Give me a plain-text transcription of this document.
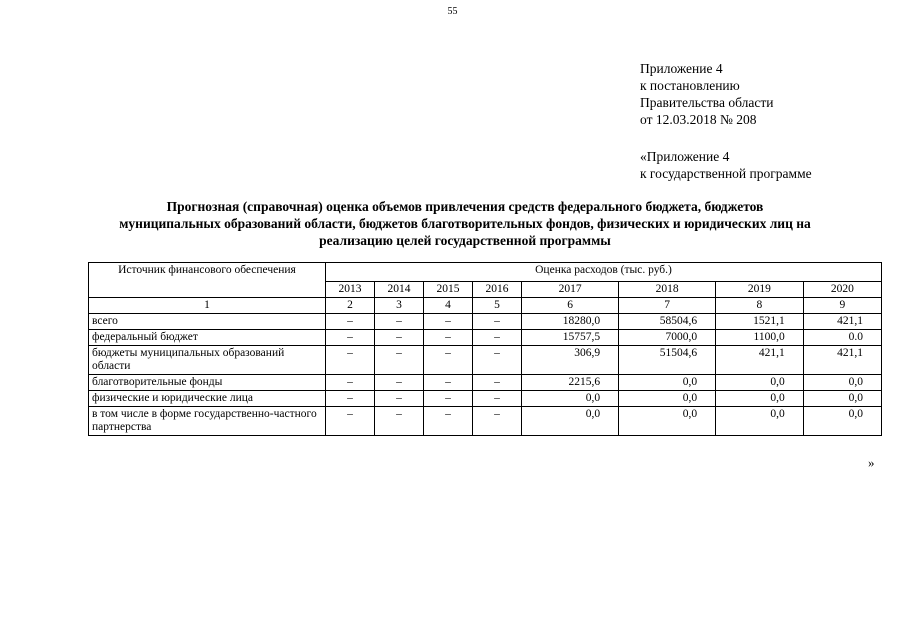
55
Приложение 4
к постановлению
Правительства области
от 12.03.2018 № 208
«Приложение 4
к государственной программе
Прогнозная (справочная) оценка объемов привлечения средств федерального бюджета, бюджетов
муниципальных образований области, бюджетов благотворительных фондов, физических и юридических лиц на
реализацию целей государственной программы
Источник финансового обеспечения	Оценка расходов (тыс. руб.)							
	2013	2014	2015	2016	2017	2018	2019	2020
1	2	3	4	5	6	7	8	9
всего	–	–	–	–	18280,0	58504,6	1521,1	421,1
федеральный бюджет	–	–	–	–	15757,5	7000,0	1100,0	0.0
бюджеты муниципальных образований области	–	–	–	–	306,9	51504,6	421,1	421,1
благотворительные фонды	–	–	–	–	2215,6	0,0	0,0	0,0
физические и юридические лица	–	–	–	–	0,0	0,0	0,0	0,0
в том числе в форме государственно-частного партнерства	–	–	–	–	0,0	0,0	0,0	0,0
»
